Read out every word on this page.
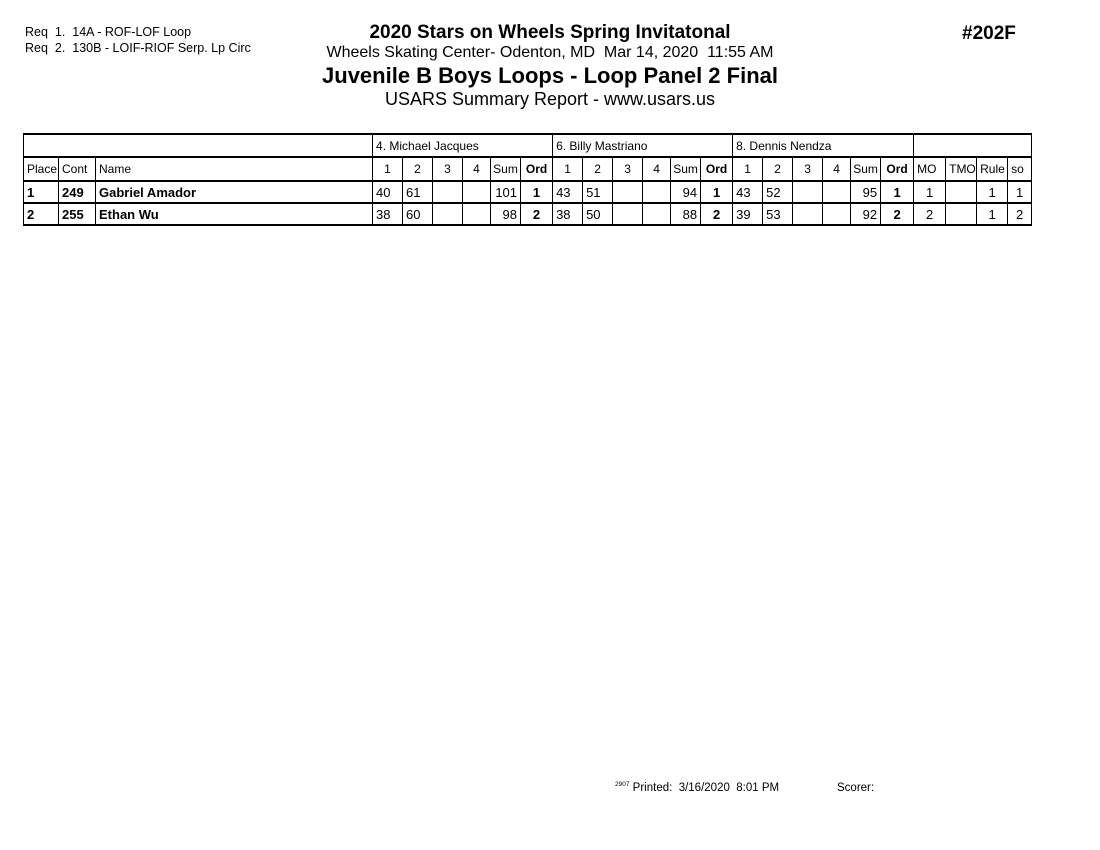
Req  1.  14A - ROF-LOF Loop
Req  2.  130B - LOIF-RIOF Serp. Lp Circ
2020 Stars on Wheels Spring Invitatonal
Wheels Skating Center- Odenton, MD  Mar 14, 2020  11:55 AM
Juvenile B Boys Loops - Loop Panel 2 Final
USARS Summary Report - www.usars.us
#202F
			4. Michael Jacques						6. Billy Mastriano						8. Dennis Nendza									
Place	Cont	Name	1	2	3	4	Sum	Ord	1	2	3	4	Sum	Ord	1	2	3	4	Sum	Ord	MO	TMO	Rule	so
1	249	Gabriel Amador	40	61			101	1	43	51			94	1	43	52			95	1	1		1	1
2	255	Ethan Wu	38	60			98	2	38	50			88	2	39	53			92	2	2		1	2
$^{2907}$ Printed:  3/16/2020  8:01 PM	Scorer:
